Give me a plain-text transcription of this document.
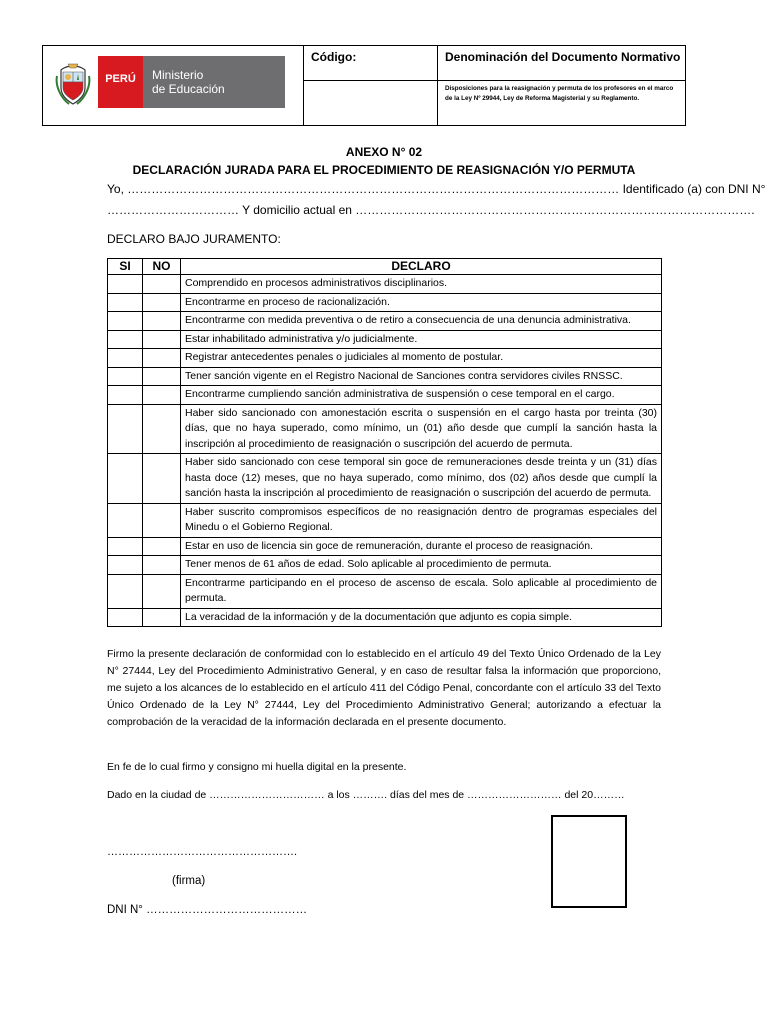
PERÚ	Ministerio
de Educación
Código:	Denominación del Documento Normativo
Disposiciones para la reasignación y permuta de los profesores en el marco de la Ley Nº 29944, Ley de Reforma Magisterial y su Reglamento.
ANEXO N° 02
DECLARACIÓN JURADA PARA EL PROCEDIMIENTO DE REASIGNACIÓN Y/O PERMUTA
Yo, …………………………………………………………………………………………………………… Identificado (a) con DNI N°
…………………………… Y domicilio actual en ……………………………………………………………………………………….
DECLARO BAJO JURAMENTO:
SI	NO	DECLARO
		Comprendido en procesos administrativos disciplinarios.
		Encontrarme en proceso de racionalización.
		Encontrarme con medida preventiva o de retiro a consecuencia de una denuncia administrativa.
		Estar inhabilitado administrativa y/o judicialmente.
		Registrar antecedentes penales o judiciales al momento de postular.
		Tener sanción vigente en el Registro Nacional de Sanciones contra servidores civiles RNSSC.
		Encontrarme cumpliendo sanción administrativa de suspensión o cese temporal en el cargo.
		Haber sido sancionado con amonestación escrita o suspensión en el cargo hasta por treinta (30) días, que no haya superado, como mínimo, un (01) año desde que cumplí la sanción hasta la inscripción al procedimiento de reasignación o suscripción del acuerdo de permuta.
		Haber sido sancionado con cese temporal sin goce de remuneraciones desde treinta y un (31) días hasta doce (12) meses, que no haya superado, como mínimo, dos (02) años desde que cumplí la sanción hasta la inscripción al procedimiento de reasignación o suscripción del acuerdo de permuta.
		Haber suscrito compromisos específicos de no reasignación dentro de programas especiales del Minedu o el Gobierno Regional.
		Estar en uso de licencia sin goce de remuneración, durante el proceso de reasignación.
		Tener menos de 61 años de edad. Solo aplicable al procedimiento de permuta.
		Encontrarme participando en el proceso de ascenso de escala. Solo aplicable al procedimiento de permuta.
		La veracidad de la información y de la documentación que adjunto es copia simple.
Firmo la presente declaración de conformidad con lo establecido en el artículo 49 del Texto Único Ordenado de la Ley N° 27444, Ley del Procedimiento Administrativo General, y en caso de resultar falsa la información que proporciono, me sujeto a los alcances de lo establecido en el artículo 411 del Código Penal, concordante con el artículo 33 del Texto Único Ordenado de la Ley N° 27444, Ley del Procedimiento Administrativo General; autorizando a efectuar la comprobación de la veracidad de la información declarada en el presente documento.
En fe de lo cual firmo y consigno mi huella digital en la presente.
Dado en la ciudad de …………………………… a los ………. días del mes de ……………………… del 20………
…………………………………………….
(firma)
DNI N° ……………………………………
